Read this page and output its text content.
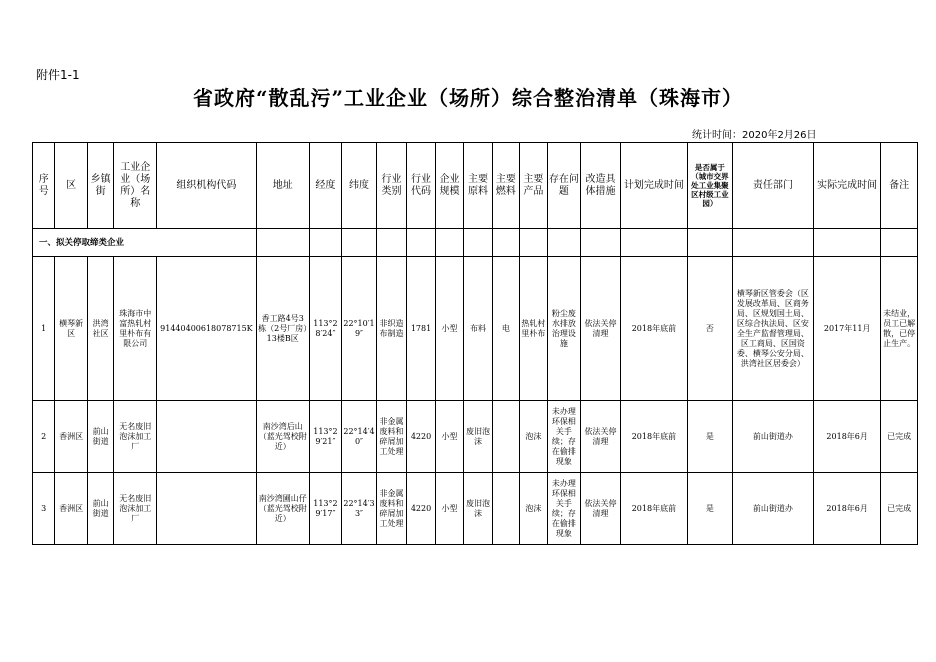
附件1-1
省政府“散乱污”工业企业（场所）综合整治清单（珠海市）
统计时间：2020年2月26日
序号	区	乡镇街	工业企业（场所）名称	组织机构代码	地址	经度	纬度	行业类别	行业代码	企业规模	主要原料	主要燃料	主要产品	存在问题	改造具体措施	计划完成时间	是否属于（城市交界处工业集聚区村级工业园）	责任部门	实际完成时间	备注
一、拟关停取缔类企业																				
1	横琴新区	洪湾社区	珠海市中富热轧村里朴布有限公司	91440400618078715K	香工路4号3栋（2号厂房）13楼B区	113°28′24″	22°10′19″	非织造布制造	1781	小型	布料	电	热轧村里朴布	粉尘废水排放治理设施	依法关停清理	2018年底前	否	横琴新区管委会（区发展改革局、区商务局、区规划国土局、区综合执法局、区安全生产监督管理局、区工商局、区国资委、横琴公安分局、洪湾社区居委会）	2017年11月	未结业，员工已解散，已停止生产。
2	香洲区	前山街道	无名废旧泡沫加工厂		南沙湾后山（蓝光驾校附近）	113°29′21″	22°14′40″	非金属废料和碎屑加工处理	4220	小型	废旧泡沫		泡沫	未办理环保相关手续；存在偷排现象	依法关停清理	2018年底前	是	前山街道办	2018年6月	已完成
3	香洲区	前山街道	无名废旧泡沫加工厂		南沙湾圃山仔（蓝光驾校附近）	113°29′17″	22°14′33″	非金属废料和碎屑加工处理	4220	小型	废旧泡沫		泡沫	未办理环保相关手续；存在偷排现象	依法关停清理	2018年底前	是	前山街道办	2018年6月	已完成
